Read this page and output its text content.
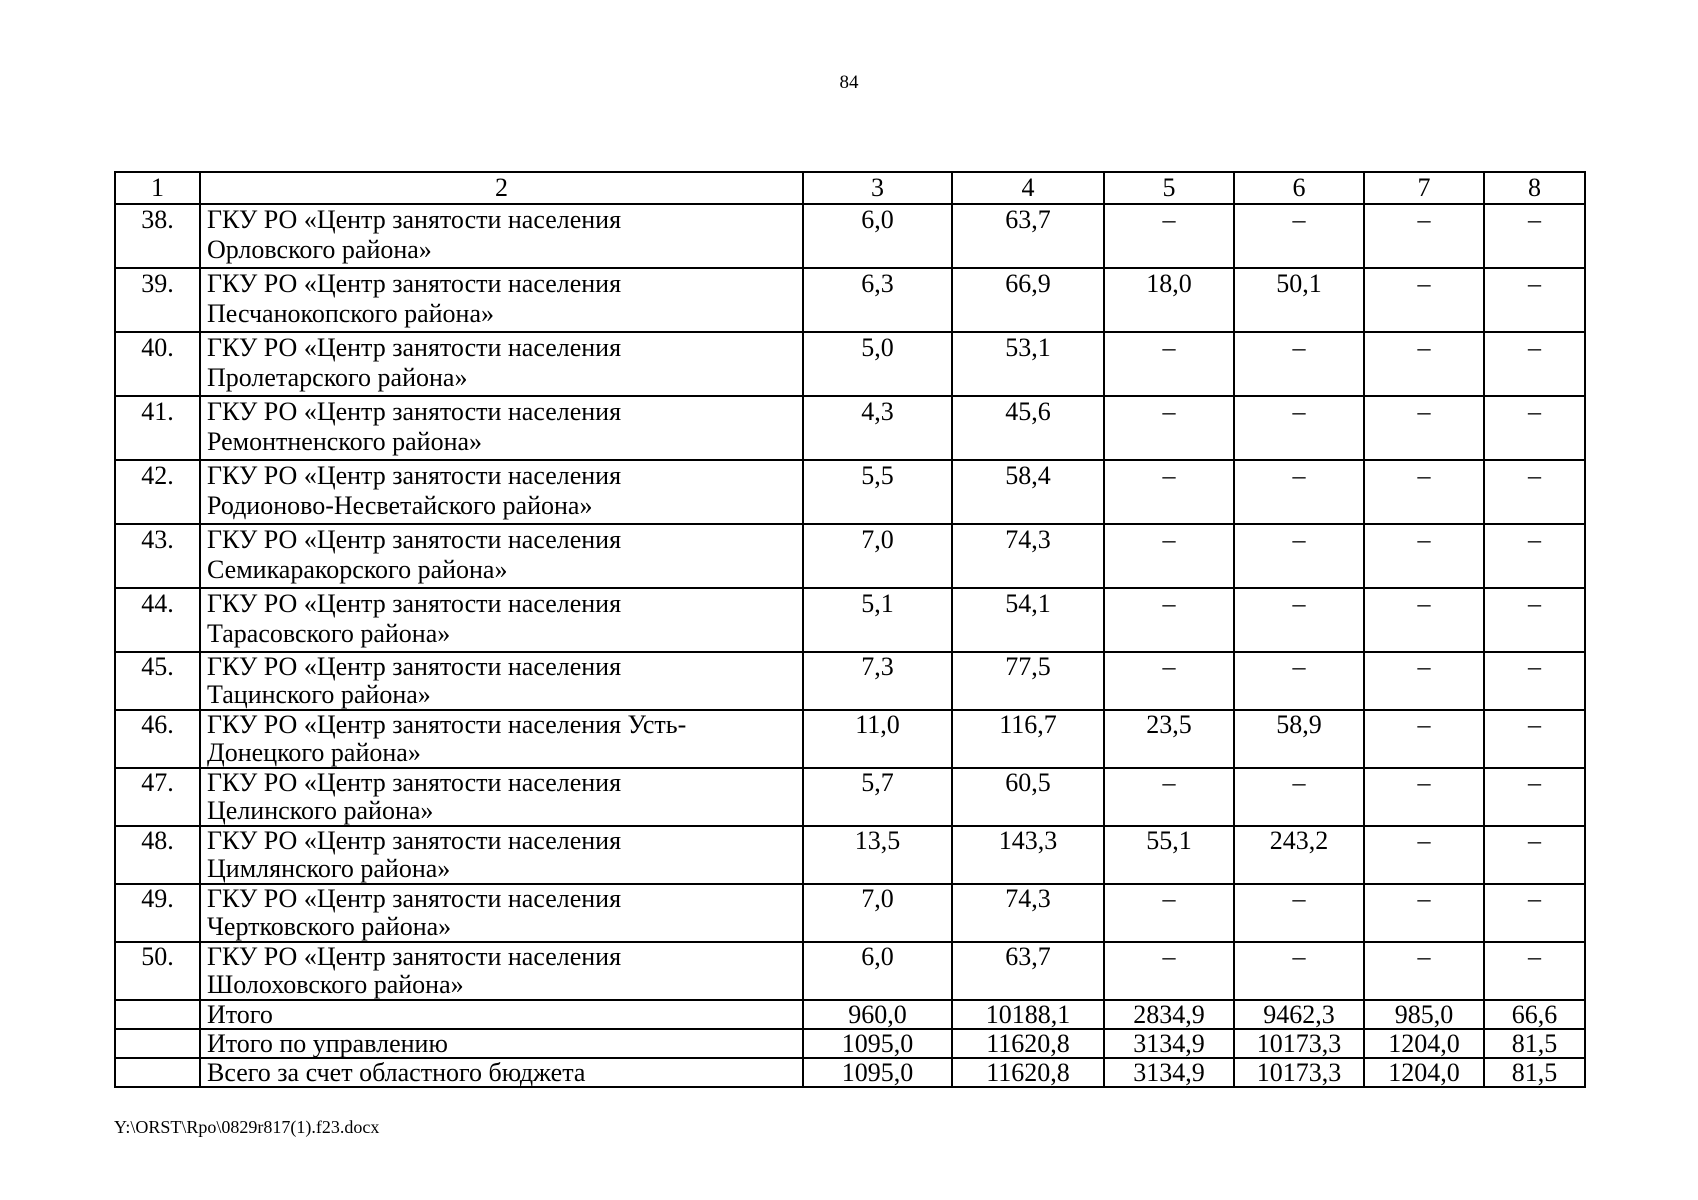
84
1	2	3	4	5	6	7	8
38.	ГКУ РО «Центр занятости населения
Орловского района»	6,0	63,7	–	–	–	–
39.	ГКУ РО «Центр занятости населения
Песчанокопского района»	6,3	66,9	18,0	50,1	–	–
40.	ГКУ РО «Центр занятости населения
Пролетарского района»	5,0	53,1	–	–	–	–
41.	ГКУ РО «Центр занятости населения
Ремонтненского района»	4,3	45,6	–	–	–	–
42.	ГКУ РО «Центр занятости населения
Родионово-Несветайского района»	5,5	58,4	–	–	–	–
43.	ГКУ РО «Центр занятости населения
Семикаракорского района»	7,0	74,3	–	–	–	–
44.	ГКУ РО «Центр занятости населения
Тарасовского района»	5,1	54,1	–	–	–	–
45.	ГКУ РО «Центр занятости населения
Тацинского района»	7,3	77,5	–	–	–	–
46.	ГКУ РО «Центр занятости населения Усть-
Донецкого района»	11,0	116,7	23,5	58,9	–	–
47.	ГКУ РО «Центр занятости населения
Целинского района»	5,7	60,5	–	–	–	–
48.	ГКУ РО «Центр занятости населения
Цимлянского района»	13,5	143,3	55,1	243,2	–	–
49.	ГКУ РО «Центр занятости населения
Чертковского района»	7,0	74,3	–	–	–	–
50.	ГКУ РО «Центр занятости населения
Шолоховского района»	6,0	63,7	–	–	–	–
	Итого	960,0	10188,1	2834,9	9462,3	985,0	66,6
	Итого по управлению	1095,0	11620,8	3134,9	10173,3	1204,0	81,5
	Всего за счет областного бюджета	1095,0	11620,8	3134,9	10173,3	1204,0	81,5
Y:\ORST\Rpo\0829r817(1).f23.docx
